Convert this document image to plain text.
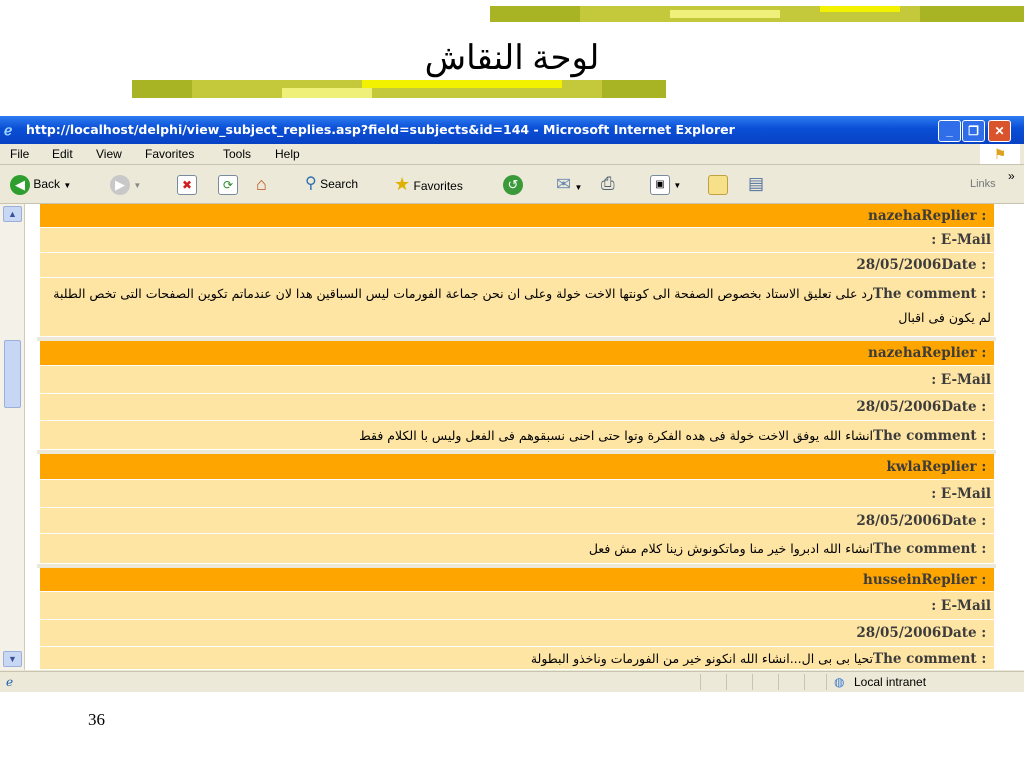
لوحة النقاش
ℯ	http://localhost/delphi/view_subject_replies.asp?field=subjects&id=144 - Microsoft Internet Explorer	_	❐	✕
File Edit View Favorites Tools Help	⚑
◀ Back ▼	▶ ▼	✖	⟳ ⌂ ⚲ Search ★ Favorites	↺ ✉ ▼ ⎙	▣ ▼	▤	Links
»
▲
▼
Replier : nazeha
: E-Mail
Date : 28/05/2006
The comment : رد على تعليق الاستاد بخصوص الصفحة الى كونتها الاخت خولة وعلى ان نحن جماعة الفورمات ليس السباقين هدا لان عندماتم تكوين الصفحات التى تخص الطلبة لم يكون فى اقبال
Replier : nazeha
: E-Mail
Date : 28/05/2006
The comment : انشاء الله يوفق الاخت خولة فى هده الفكرة وتوا حتى احنى نسبقوهم فى الفعل وليس با الكلام فقط
Replier : kwla
: E-Mail
Date : 28/05/2006
The comment : انشاء الله ادبروا خير منا وماتكونوش زينا كلام مش فعل
Replier : hussein
: E-Mail
Date : 28/05/2006
The comment : تحيا بى بى ال...انشاء الله انكونو خير من الفورمات وناخذو البطولة
ℯ	◍ Local intranet
36
